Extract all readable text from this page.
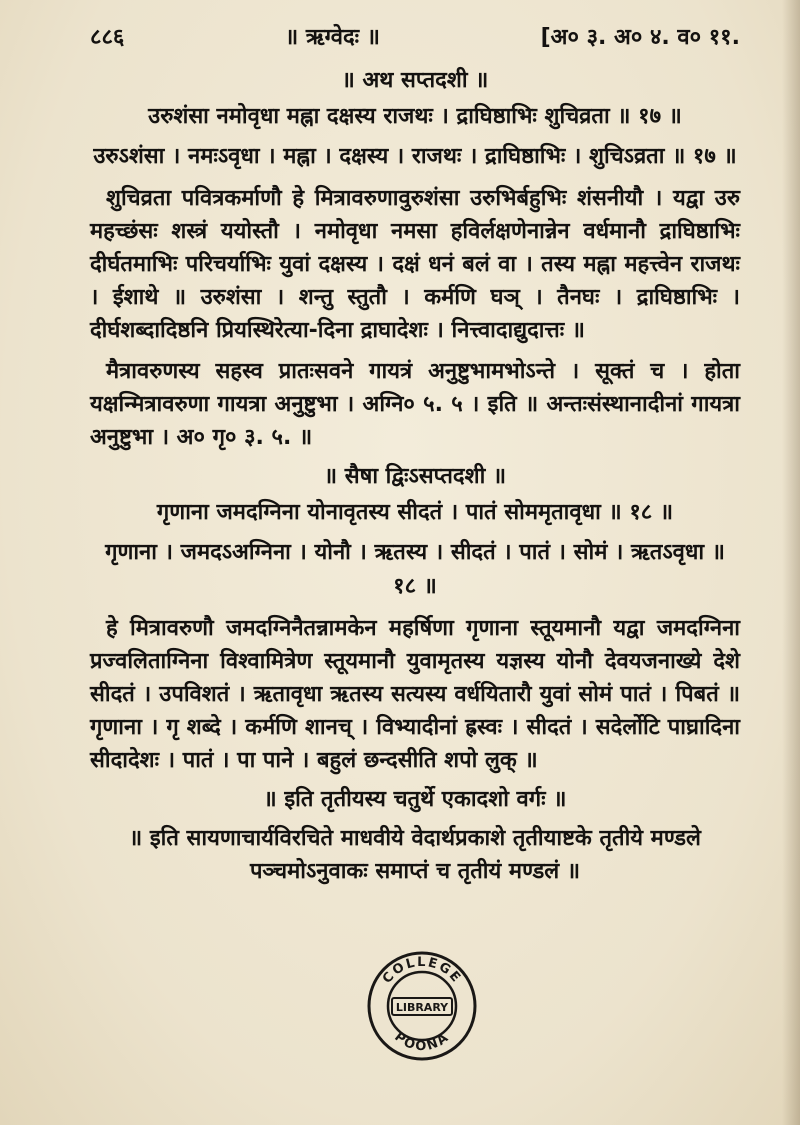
८८६	॥ ऋग्वेदः ॥	[अ० ३. अ० ४. व० ११.
॥ अथ सप्तदशी ॥
उरुशंसा नमोवृधा मह्ना दक्षस्य राजथः । द्राघिष्ठाभिः शुचिव्रता ॥ १७ ॥
उरुऽशंसा । नमःऽवृधा । मह्ना । दक्षस्य । राजथः । द्राघिष्ठाभिः । शुचिऽव्रता ॥ १७ ॥
शुचिव्रता पवित्रकर्माणौ हे मित्रावरुणावुरुशंसा उरुभिर्बहुभिः शंसनीयौ । यद्वा उरु महच्छंसः शस्त्रं ययोस्तौ । नमोवृधा नमसा हविर्लक्षणेनान्नेन वर्धमानौ द्राघिष्ठाभिः दीर्घतमाभिः परिचर्याभिः युवां दक्षस्य । दक्षं धनं बलं वा । तस्य मह्ना महत्त्वेन राजथः । ईशाथे ॥ उरुशंसा । शन्तु स्तुतौ । कर्मणि घञ् । तैनघः । द्राघिष्ठाभिः । दीर्घशब्दादिष्ठनि प्रियस्थिरेत्या-दिना द्राघादेशः । नित्त्वादाद्युदात्तः ॥
मैत्रावरुणस्य सहस्व प्रातःसवने गायत्रं अनुष्टुभामभोऽन्ते । सूक्तं च । होता यक्षन्मित्रावरुणा गायत्रा अनुष्टुभा । अग्नि० ५. ५ । इति ॥ अन्तःसंस्थानादीनां गायत्रा अनुष्टुभा । अ० गृ० ३. ५. ॥
॥ सैषा द्विःऽसप्तदशी ॥
गृणाना जमदग्निना योनावृतस्य सीदतं । पातं सोममृतावृधा ॥ १८ ॥
गृणाना । जमदऽअग्निना । योनौ । ऋतस्य । सीदतं । पातं । सोमं । ऋतऽवृधा ॥ १८ ॥
हे मित्रावरुणौ जमदग्निनैतन्नामकेन महर्षिणा गृणाना स्तूयमानौ यद्वा जमदग्निना प्रज्वलिताग्निना विश्वामित्रेण स्तूयमानौ युवामृतस्य यज्ञस्य योनौ देवयजनाख्ये देशे सीदतं । उपविशतं । ऋतावृधा ऋतस्य सत्यस्य वर्धयितारौ युवां सोमं पातं । पिबतं ॥ गृणाना । गृ शब्दे । कर्मणि शानच् । विभ्यादीनां ह्रस्वः । सीदतं । सदेर्लोटि पाघ्रादिना सीदादेशः । पातं । पा पाने । बहुलं छन्दसीति शपो लुक् ॥
॥ इति तृतीयस्य चतुर्थे एकादशो वर्गः ॥
॥ इति सायणाचार्यविरचिते माधवीये वेदार्थप्रकाशे तृतीयाष्टके तृतीये मण्डले पञ्चमोऽनुवाकः समाप्तं च तृतीयं मण्डलं ॥
COLLEGE
POONA
LIBRARY
